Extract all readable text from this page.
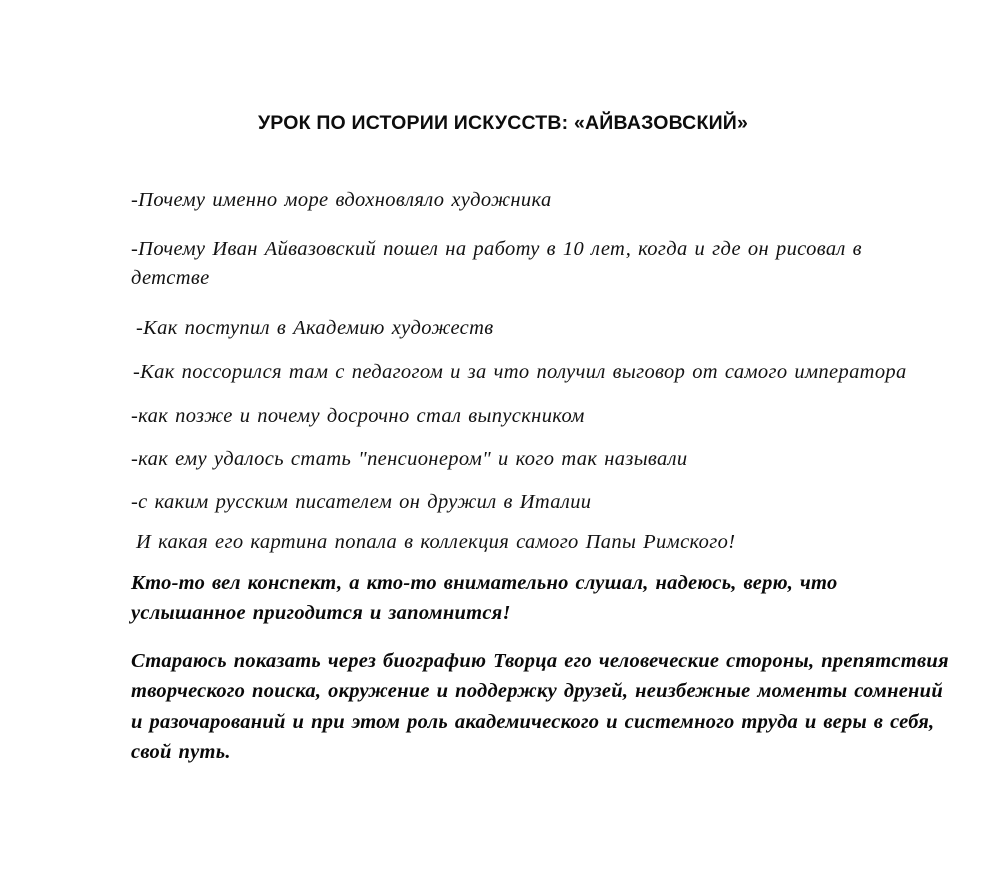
УРОК ПО ИСТОРИИ ИСКУССТВ: «АЙВАЗОВСКИЙ»
-Почему именно море вдохновляло художника
-Почему Иван Айвазовский пошел на работу в 10 лет, когда и где он рисовал в детстве
-Как поступил в Академию художеств
-Как поссорился там с педагогом и за что получил выговор от самого императора
-как позже и почему досрочно стал выпускником
-как ему удалось стать "пенсионером" и кого так называли
-с каким русским писателем он дружил в Италии
И какая его картина попала в коллекция самого Папы Римского!
Кто-то вел конспект, а кто-то внимательно слушал, надеюсь, верю, что услышанное пригодится и запомнится!
Стараюсь показать через биографию Творца его человеческие стороны, препятствия творческого поиска, окружение и поддержку друзей, неизбежные моменты сомнений и разочарований и при этом роль академического и системного труда и веры в себя, свой путь.
